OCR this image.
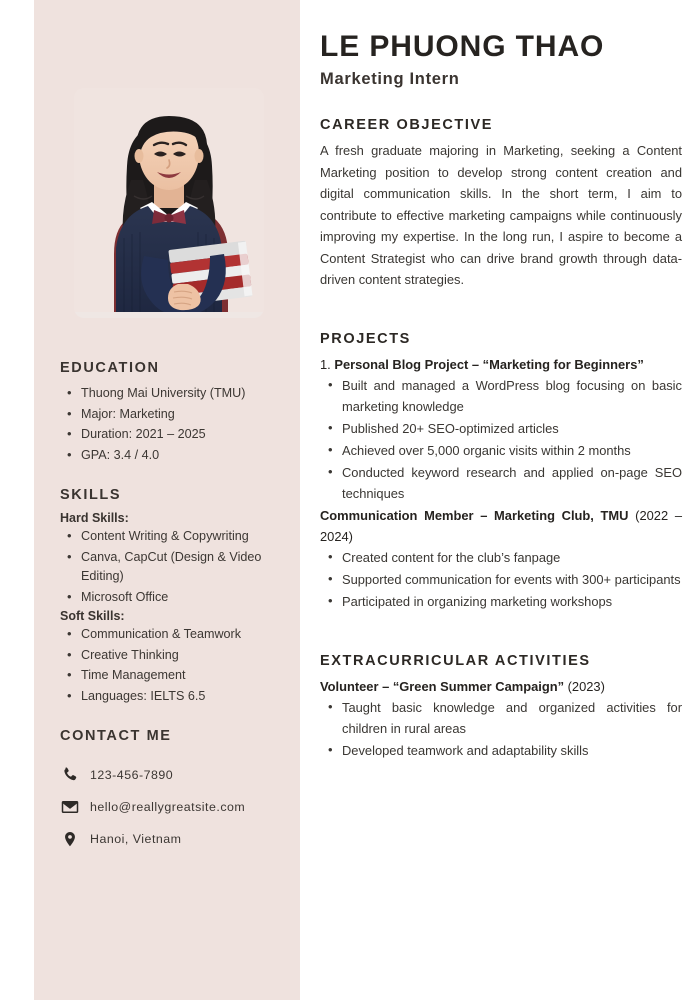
EDUCATION
• Thuong Mai University (TMU)
• Major: Marketing
• Duration: 2021 – 2025
• GPA: 3.4 / 4.0
SKILLS
Hard Skills:
• Content Writing & Copywriting
• Canva, CapCut (Design & Video Editing)
• Microsoft Office
Soft Skills:
• Communication & Teamwork
• Creative Thinking
• Time Management
• Languages: IELTS 6.5
CONTACT ME
123-456-7890
hello@reallygreatsite.com
Hanoi, Vietnam
LE PHUONG THAO
Marketing Intern
CAREER OBJECTIVE
A fresh graduate majoring in Marketing, seeking a Content Marketing position to develop strong content creation and digital communication skills. In the short term, I aim to contribute to effective marketing campaigns while continuously improving my expertise. In the long run, I aspire to become a Content Strategist who can drive brand growth through data-driven content strategies.
PROJECTS
1. Personal Blog Project – “Marketing for Beginners”
• Built and managed a WordPress blog focusing on basic marketing knowledge
• Published 20+ SEO-optimized articles
• Achieved over 5,000 organic visits within 2 months
• Conducted keyword research and applied on-page SEO techniques
Communication Member – Marketing Club, TMU (2022 – 2024)
• Created content for the club’s fanpage
• Supported communication for events with 300+ participants
• Participated in organizing marketing workshops
EXTRACURRICULAR ACTIVITIES
Volunteer – “Green Summer Campaign” (2023)
• Taught basic knowledge and organized activities for children in rural areas
• Developed teamwork and adaptability skills
